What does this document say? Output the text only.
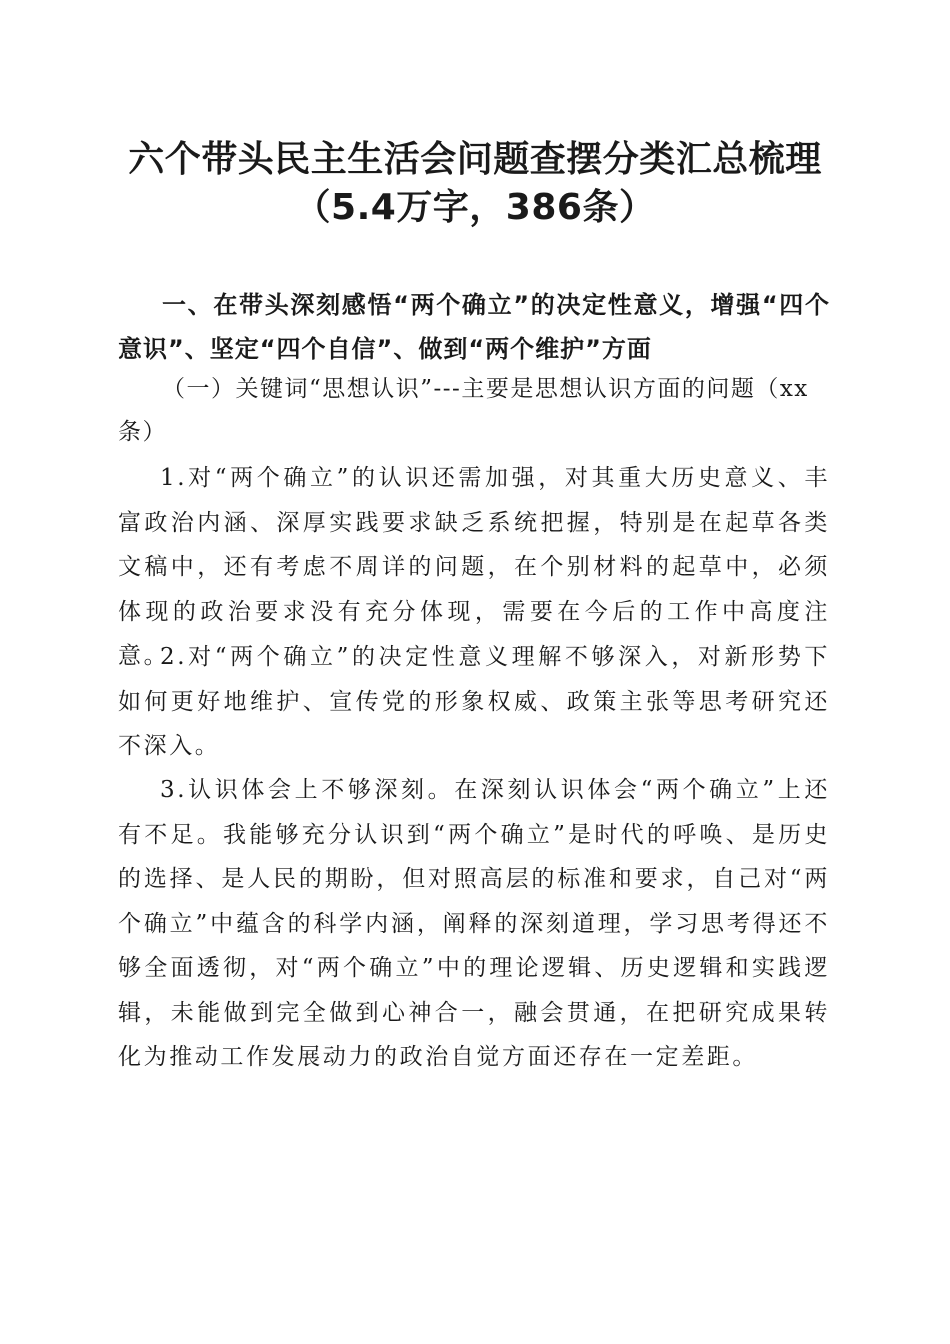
六个带头民主生活会问题查摆分类汇总梳理
（5.4万字，386条）
一、在带头深刻感悟“两个确立”的决定性意义，增强“四个意识”、坚定“四个自信”、做到“两个维护”方面
（一）关键词“思想认识”---主要是思想认识方面的问题（xx条）
1.对“两个确立”的认识还需加强，对其重大历史意义、丰富政治内涵、深厚实践要求缺乏系统把握，特别是在起草各类文稿中，还有考虑不周详的问题，在个别材料的起草中，必须体现的政治要求没有充分体现，需要在今后的工作中高度注意。
2.对“两个确立”的决定性意义理解不够深入，对新形势下如何更好地维护、宣传党的形象权威、政策主张等思考研究还不深入。
3.认识体会上不够深刻。在深刻认识体会“两个确立”上还有不足。我能够充分认识到“两个确立”是时代的呼唤、是历史的选择、是人民的期盼，但对照高层的标准和要求，自己对“两个确立”中蕴含的科学内涵，阐释的深刻道理，学习思考得还不够全面透彻，对“两个确立”中的理论逻辑、历史逻辑和实践逻辑，未能做到完全做到心神合一，融会贯通，在把研究成果转化为推动工作发展动力的政治自觉方面还存在一定差距。
